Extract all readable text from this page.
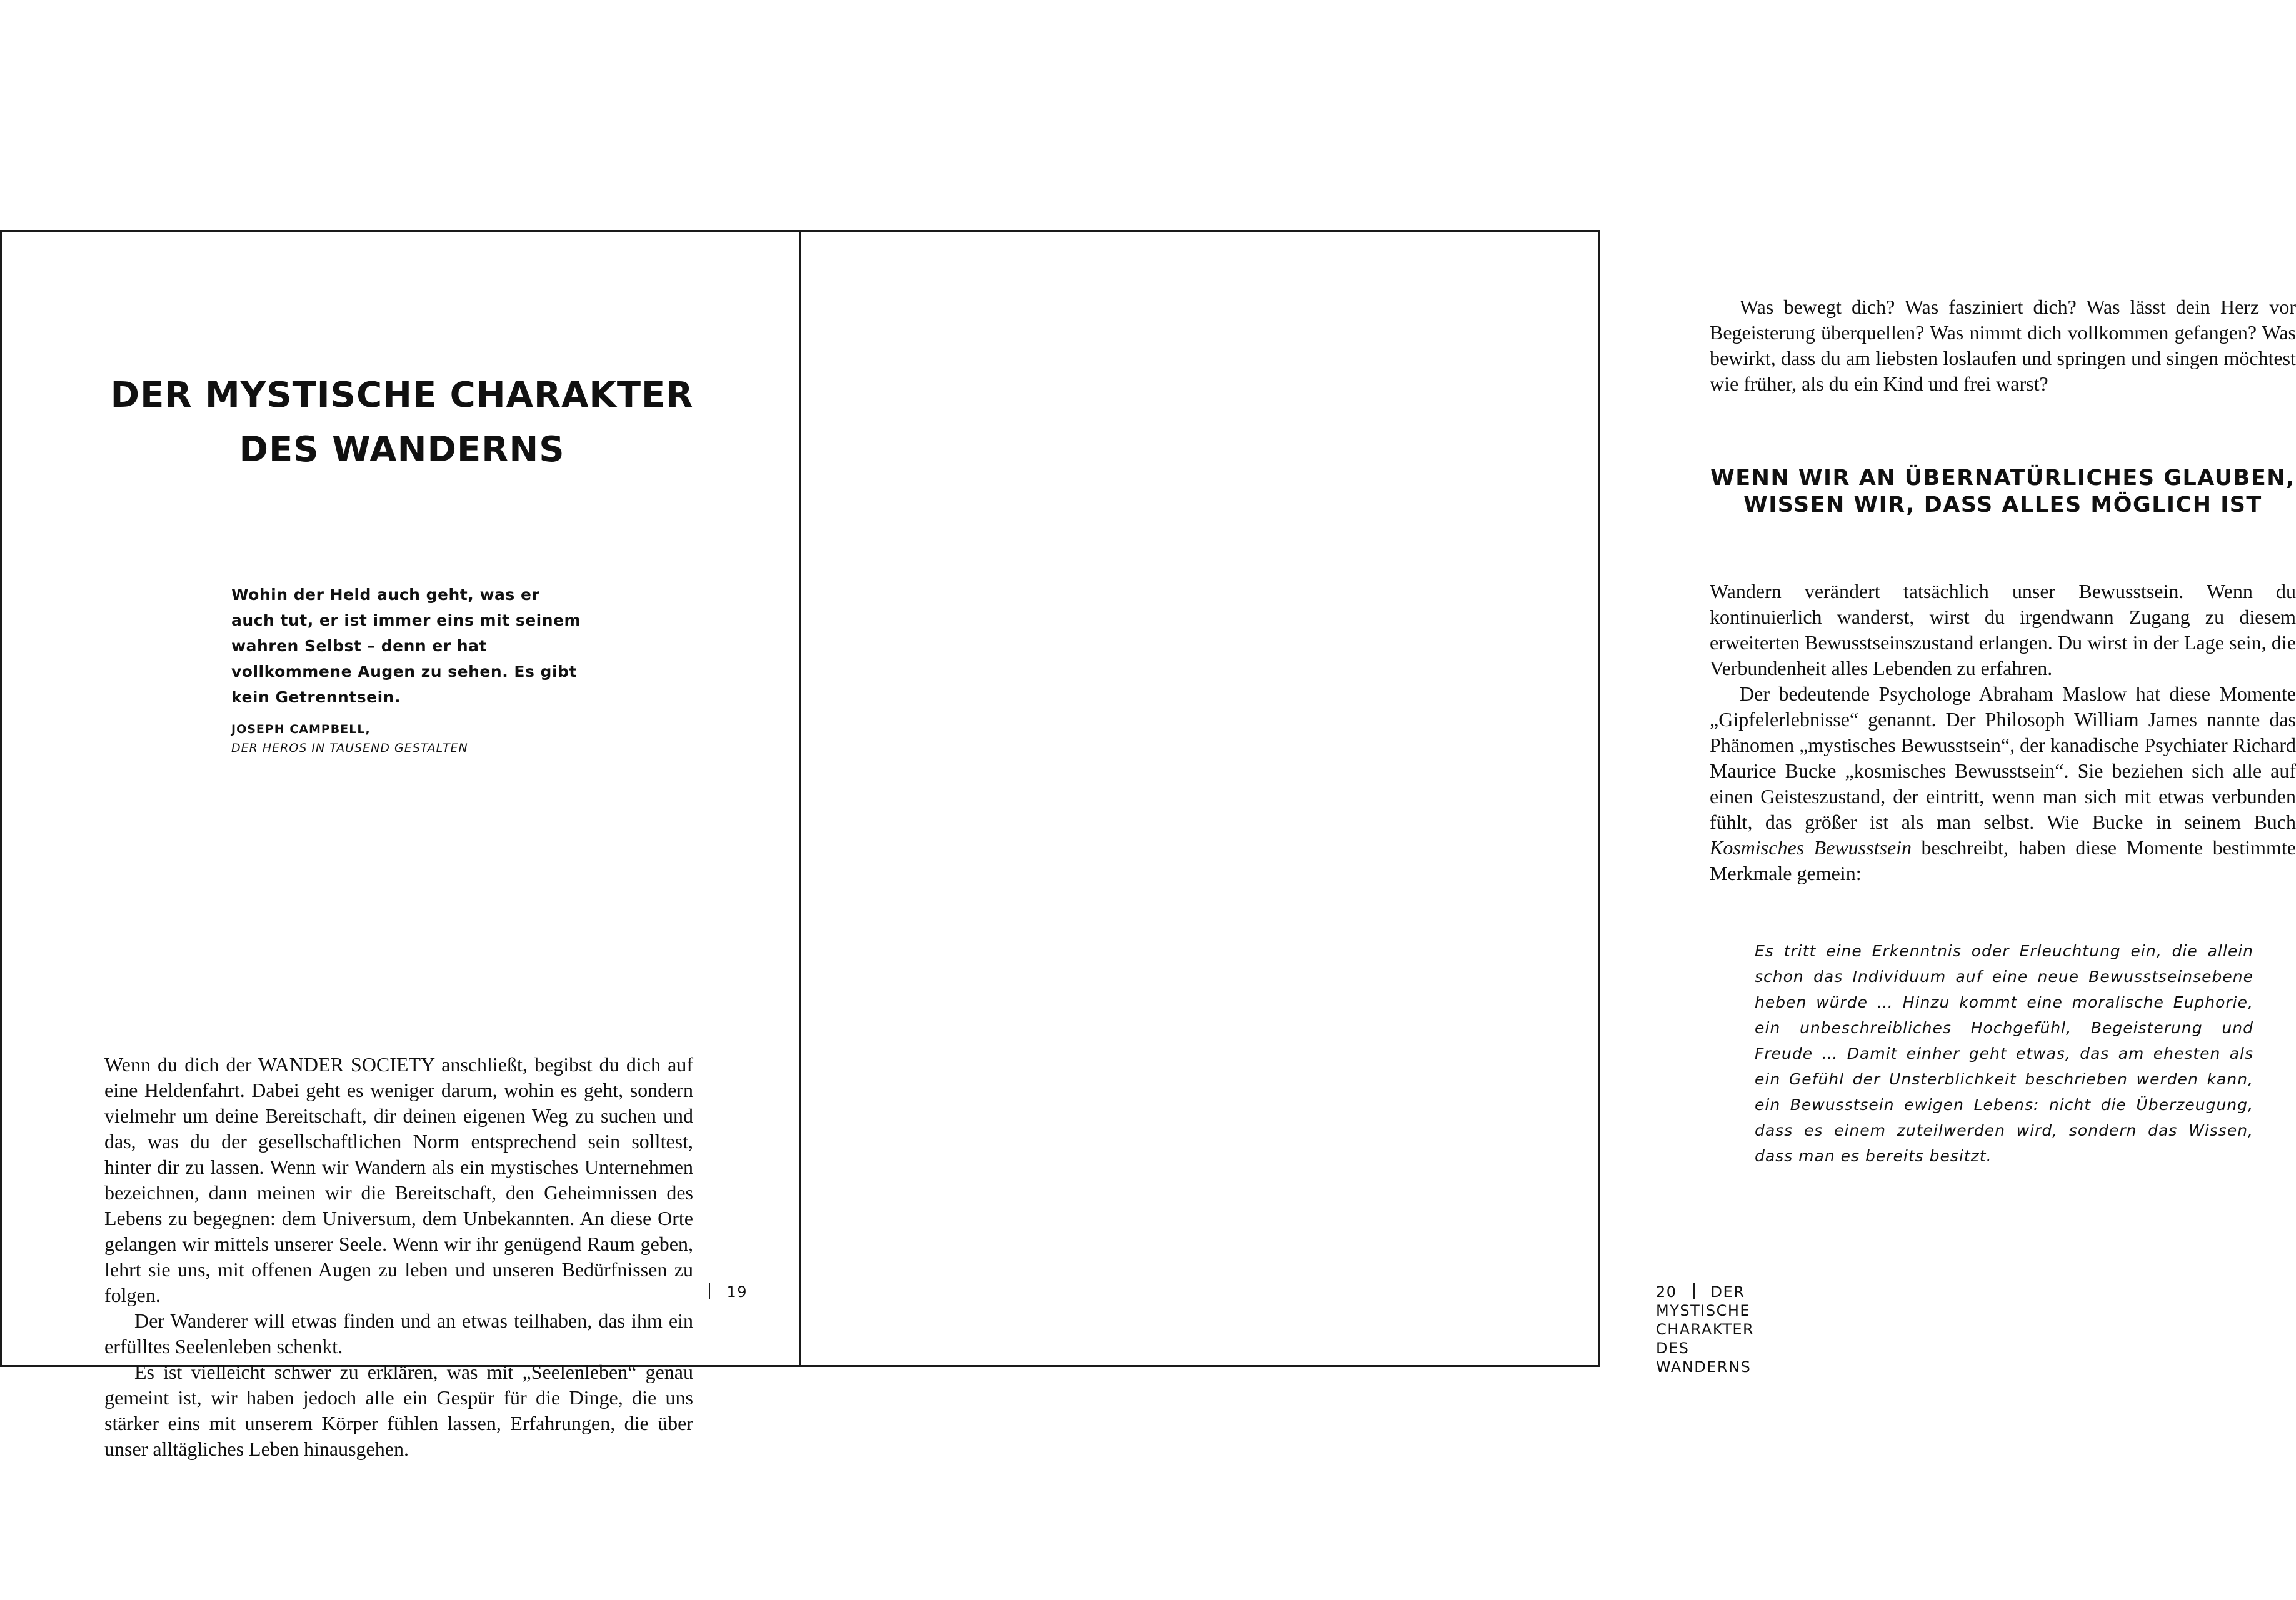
DER MYSTISCHE CHARAKTER
DES WANDERNS

Wohin der Held auch geht, was er auch tut, er ist immer eins mit seinem wahren Selbst – denn er hat vollkommene Augen zu sehen. Es gibt kein Getrenntsein.

JOSEPH CAMPBELL,

DER HEROS IN TAUSEND GESTALTEN

Wenn du dich der WANDER SOCIETY anschließt, begibst du dich auf eine Heldenfahrt. Dabei geht es weniger darum, wohin es geht, sondern vielmehr um deine Bereitschaft, dir deinen eigenen Weg zu suchen und das, was du der gesellschaftlichen Norm entsprechend sein solltest, hinter dir zu lassen. Wenn wir Wandern als ein mystisches Unternehmen bezeichnen, dann meinen wir die Bereitschaft, den Geheimnissen des Lebens zu begegnen: dem Universum, dem Unbekannten. An diese Orte gelangen wir mittels unserer Seele. Wenn wir ihr genügend Raum geben, lehrt sie uns, mit offenen Augen zu leben und unseren Bedürfnissen zu folgen.

Der Wanderer will etwas finden und an etwas teilhaben, das ihm ein erfülltes Seelenleben schenkt.

Es ist vielleicht schwer zu erklären, was mit „Seelenleben“ genau gemeint ist, wir haben jedoch alle ein Gespür für die Dinge, die uns stärker eins mit unserem Körper fühlen lassen, Erfahrungen, die über unser alltägliches Leben hinausgehen.

19

Was bewegt dich? Was fasziniert dich? Was lässt dein Herz vor Begeisterung überquellen? Was nimmt dich vollkommen gefangen? Was bewirkt, dass du am liebsten loslaufen und springen und singen möchtest wie früher, als du ein Kind und frei warst?

WENN WIR AN ÜBERNATÜRLICHES GLAUBEN,
WISSEN WIR, DASS ALLES MÖGLICH IST

Wandern verändert tatsächlich unser Bewusstsein. Wenn du kontinuierlich wanderst, wirst du irgendwann Zugang zu diesem erweiterten Bewusstseinszustand erlangen. Du wirst in der Lage sein, die Verbundenheit alles Lebenden zu erfahren.

Der bedeutende Psychologe Abraham Maslow hat diese Momente „Gipfelerlebnisse“ genannt. Der Philosoph William James nannte das Phänomen „mystisches Bewusstsein“, der kanadische Psychiater Richard Maurice Bucke „kosmisches Bewusstsein“. Sie beziehen sich alle auf einen Geisteszustand, der eintritt, wenn man sich mit etwas verbunden fühlt, das größer ist als man selbst. Wie Bucke in seinem Buch Kosmisches Bewusstsein beschreibt, haben diese Momente bestimmte Merkmale gemein:

Es tritt eine Erkenntnis oder Erleuchtung ein, die allein schon das Individuum auf eine neue Bewusstseinsebene heben würde … Hinzu kommt eine moralische Euphorie, ein unbeschreibliches Hochgefühl, Begeisterung und Freude … Damit einher geht etwas, das am ehesten als ein Gefühl der Unsterblichkeit beschrieben werden kann, ein Bewusstsein ewigen Lebens: nicht die Überzeugung, dass es einem zuteilwerden wird, sondern das Wissen, dass man es bereits besitzt.

20 DER MYSTISCHE CHARAKTER DES WANDERNS
